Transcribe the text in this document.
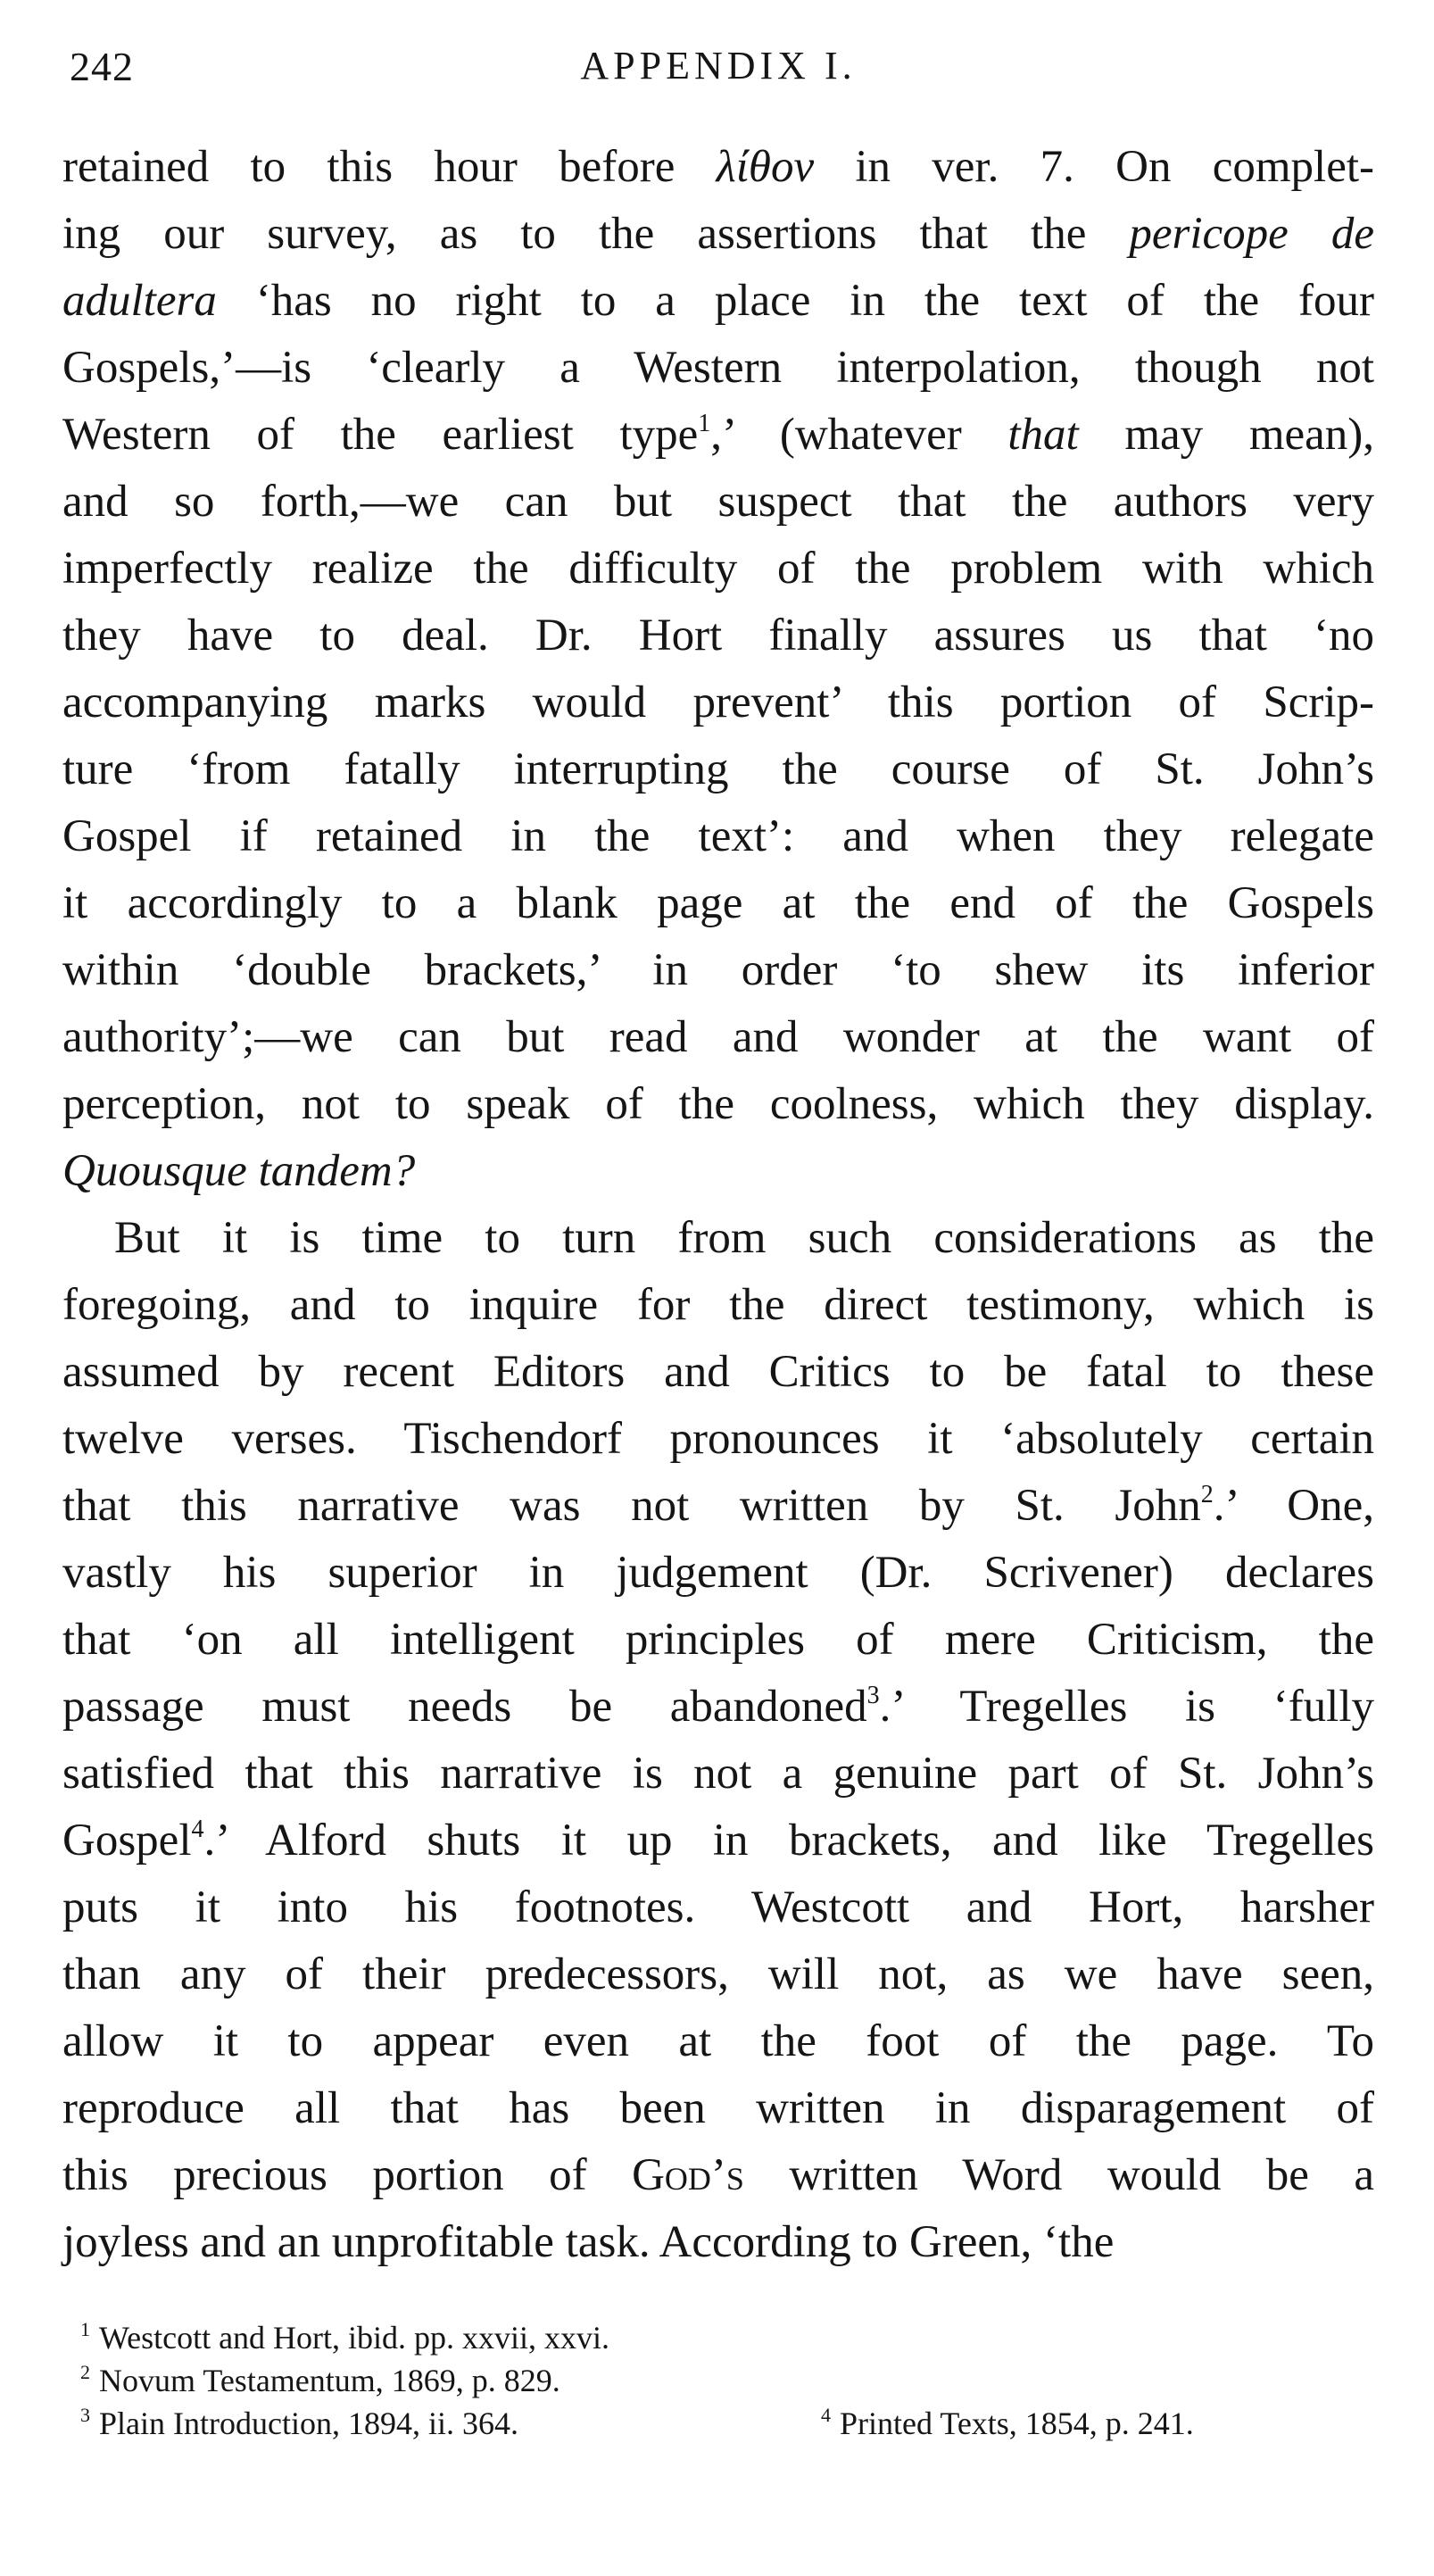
242	APPENDIX I.
retained to this hour before λίθον in ver. 7. On complet-
ing our survey, as to the assertions that the pericope de
adultera ‘has no right to a place in the text of the four
Gospels,’—is ‘clearly a Western interpolation, though not
Western of the earliest type$^1$,’ (whatever that may mean),
and so forth,—we can but suspect that the authors very
imperfectly realize the difficulty of the problem with which
they have to deal. Dr. Hort finally assures us that ‘no
accompanying marks would prevent’ this portion of Scrip-
ture ‘from fatally interrupting the course of St. John’s
Gospel if retained in the text’: and when they relegate
it accordingly to a blank page at the end of the Gospels
within ‘double brackets,’ in order ‘to shew its inferior
authority’;—we can but read and wonder at the want of
perception, not to speak of the coolness, which they display.
Quousque tandem?
But it is time to turn from such considerations as the
foregoing, and to inquire for the direct testimony, which is
assumed by recent Editors and Critics to be fatal to these
twelve verses. Tischendorf pronounces it ‘absolutely certain
that this narrative was not written by St. John$^2$.’ One,
vastly his superior in judgement (Dr. Scrivener) declares
that ‘on all intelligent principles of mere Criticism, the
passage must needs be abandoned$^3$.’ Tregelles is ‘fully
satisfied that this narrative is not a genuine part of St. John’s
Gospel$^4$.’ Alford shuts it up in brackets, and like Tregelles
puts it into his footnotes. Westcott and Hort, harsher
than any of their predecessors, will not, as we have seen,
allow it to appear even at the foot of the page. To
reproduce all that has been written in disparagement of
this precious portion of God’s written Word would be a
joyless and an unprofitable task. According to Green, ‘the
$^1$ Westcott and Hort, ibid. pp. xxvii, xxvi.
$^2$ Novum Testamentum, 1869, p. 829.
$^3$ Plain Introduction, 1894, ii. 364.	$^4$ Printed Texts, 1854, p. 241.
